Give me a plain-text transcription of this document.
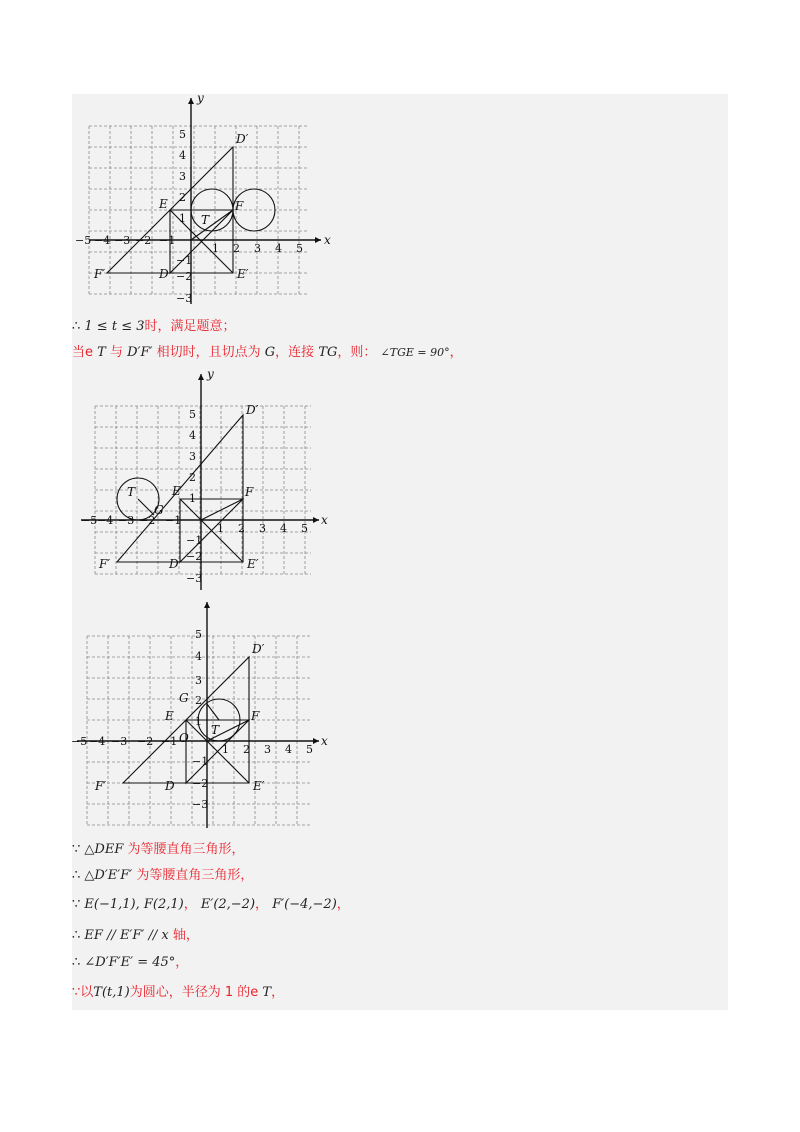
x
y
−5 −4 −3 −2 −1
1 2 3 4 5
5
4
3
2
1
−1
−2
−3
D′
E	F
T
F′	D	E′
∴ 1 ≤ t ≤ 3时，满足题意；
当e T 与 D′F′ 相切时，且切点为 G，连接 TG，则： ∠TGE = 90°，
x
y
−5 −4 −3 −2 −1
1 2 3 4 5
5
4
3
2
1
−1
−2
−3
D′
E	F
T
G
F′	D	E′
x
−5 −4 −3 −2 −1
1 2 3 4 5
5
4
3
2
1
−1
−2
−3
D′
G
E	F
O
T
F′	D	E′
∵ △DEF 为等腰直角三角形，
∴ △D′E′F′ 为等腰直角三角形，
∵ E(−1,1), F(2,1)， E′(2,−2)， F′(−4,−2)，
∴ EF // E′F′ // x 轴，
∴ ∠D′F′E′ = 45°，
∵以T(t,1)为圆心，半径为 1 的e T，
